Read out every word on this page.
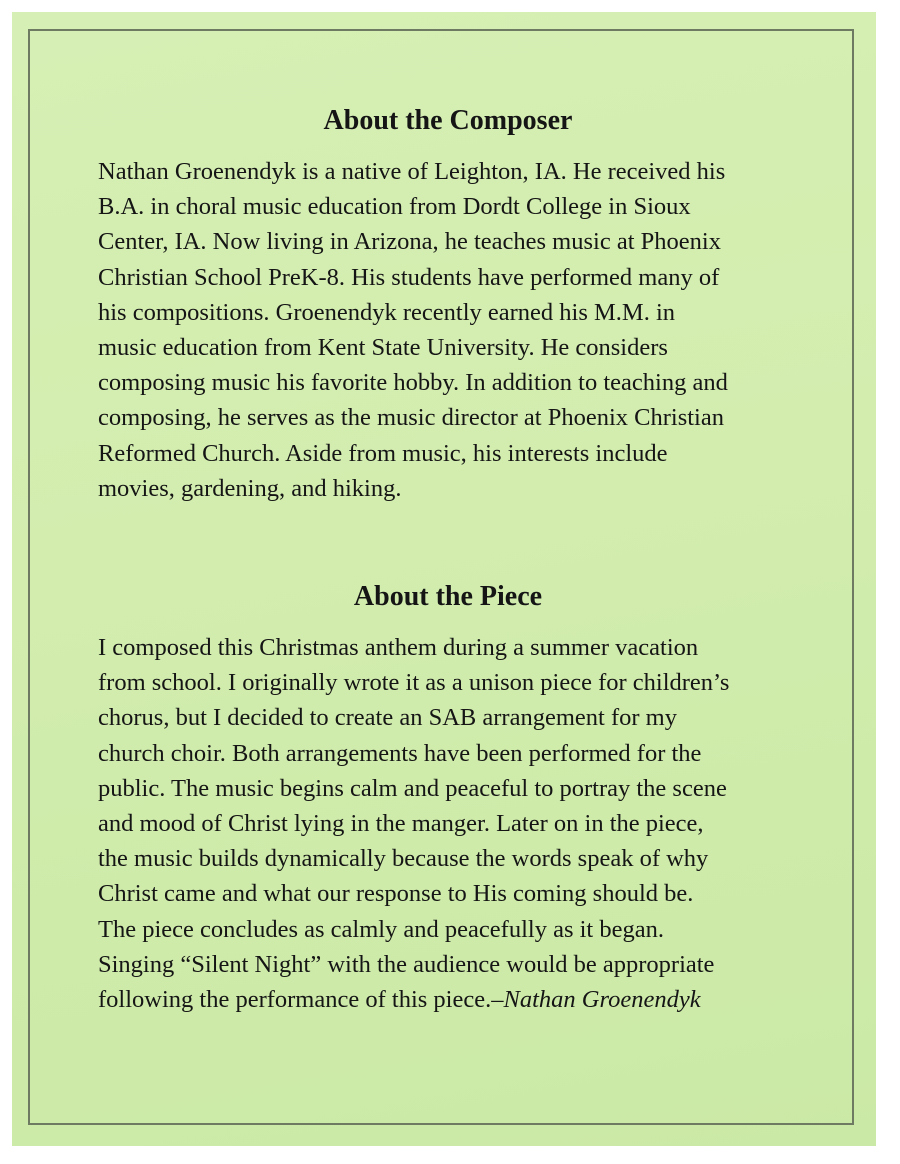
About the Composer

Nathan Groenendyk is a native of Leighton, IA. He received his
B.A. in choral music education from Dordt College in Sioux
Center, IA. Now living in Arizona, he teaches music at Phoenix
Christian School PreK-8. His students have performed many of
his compositions. Groenendyk recently earned his M.M. in
music education from Kent State University. He considers
composing music his favorite hobby. In addition to teaching and
composing, he serves as the music director at Phoenix Christian
Reformed Church. Aside from music, his interests include
movies, gardening, and hiking.

About the Piece

I composed this Christmas anthem during a summer vacation
from school. I originally wrote it as a unison piece for children’s
chorus, but I decided to create an SAB arrangement for my
church choir. Both arrangements have been performed for the
public. The music begins calm and peaceful to portray the scene
and mood of Christ lying in the manger. Later on in the piece,
the music builds dynamically because the words speak of why
Christ came and what our response to His coming should be.
The piece concludes as calmly and peacefully as it began.
Singing “Silent Night” with the audience would be appropriate
following the performance of this piece.–Nathan Groenendyk
